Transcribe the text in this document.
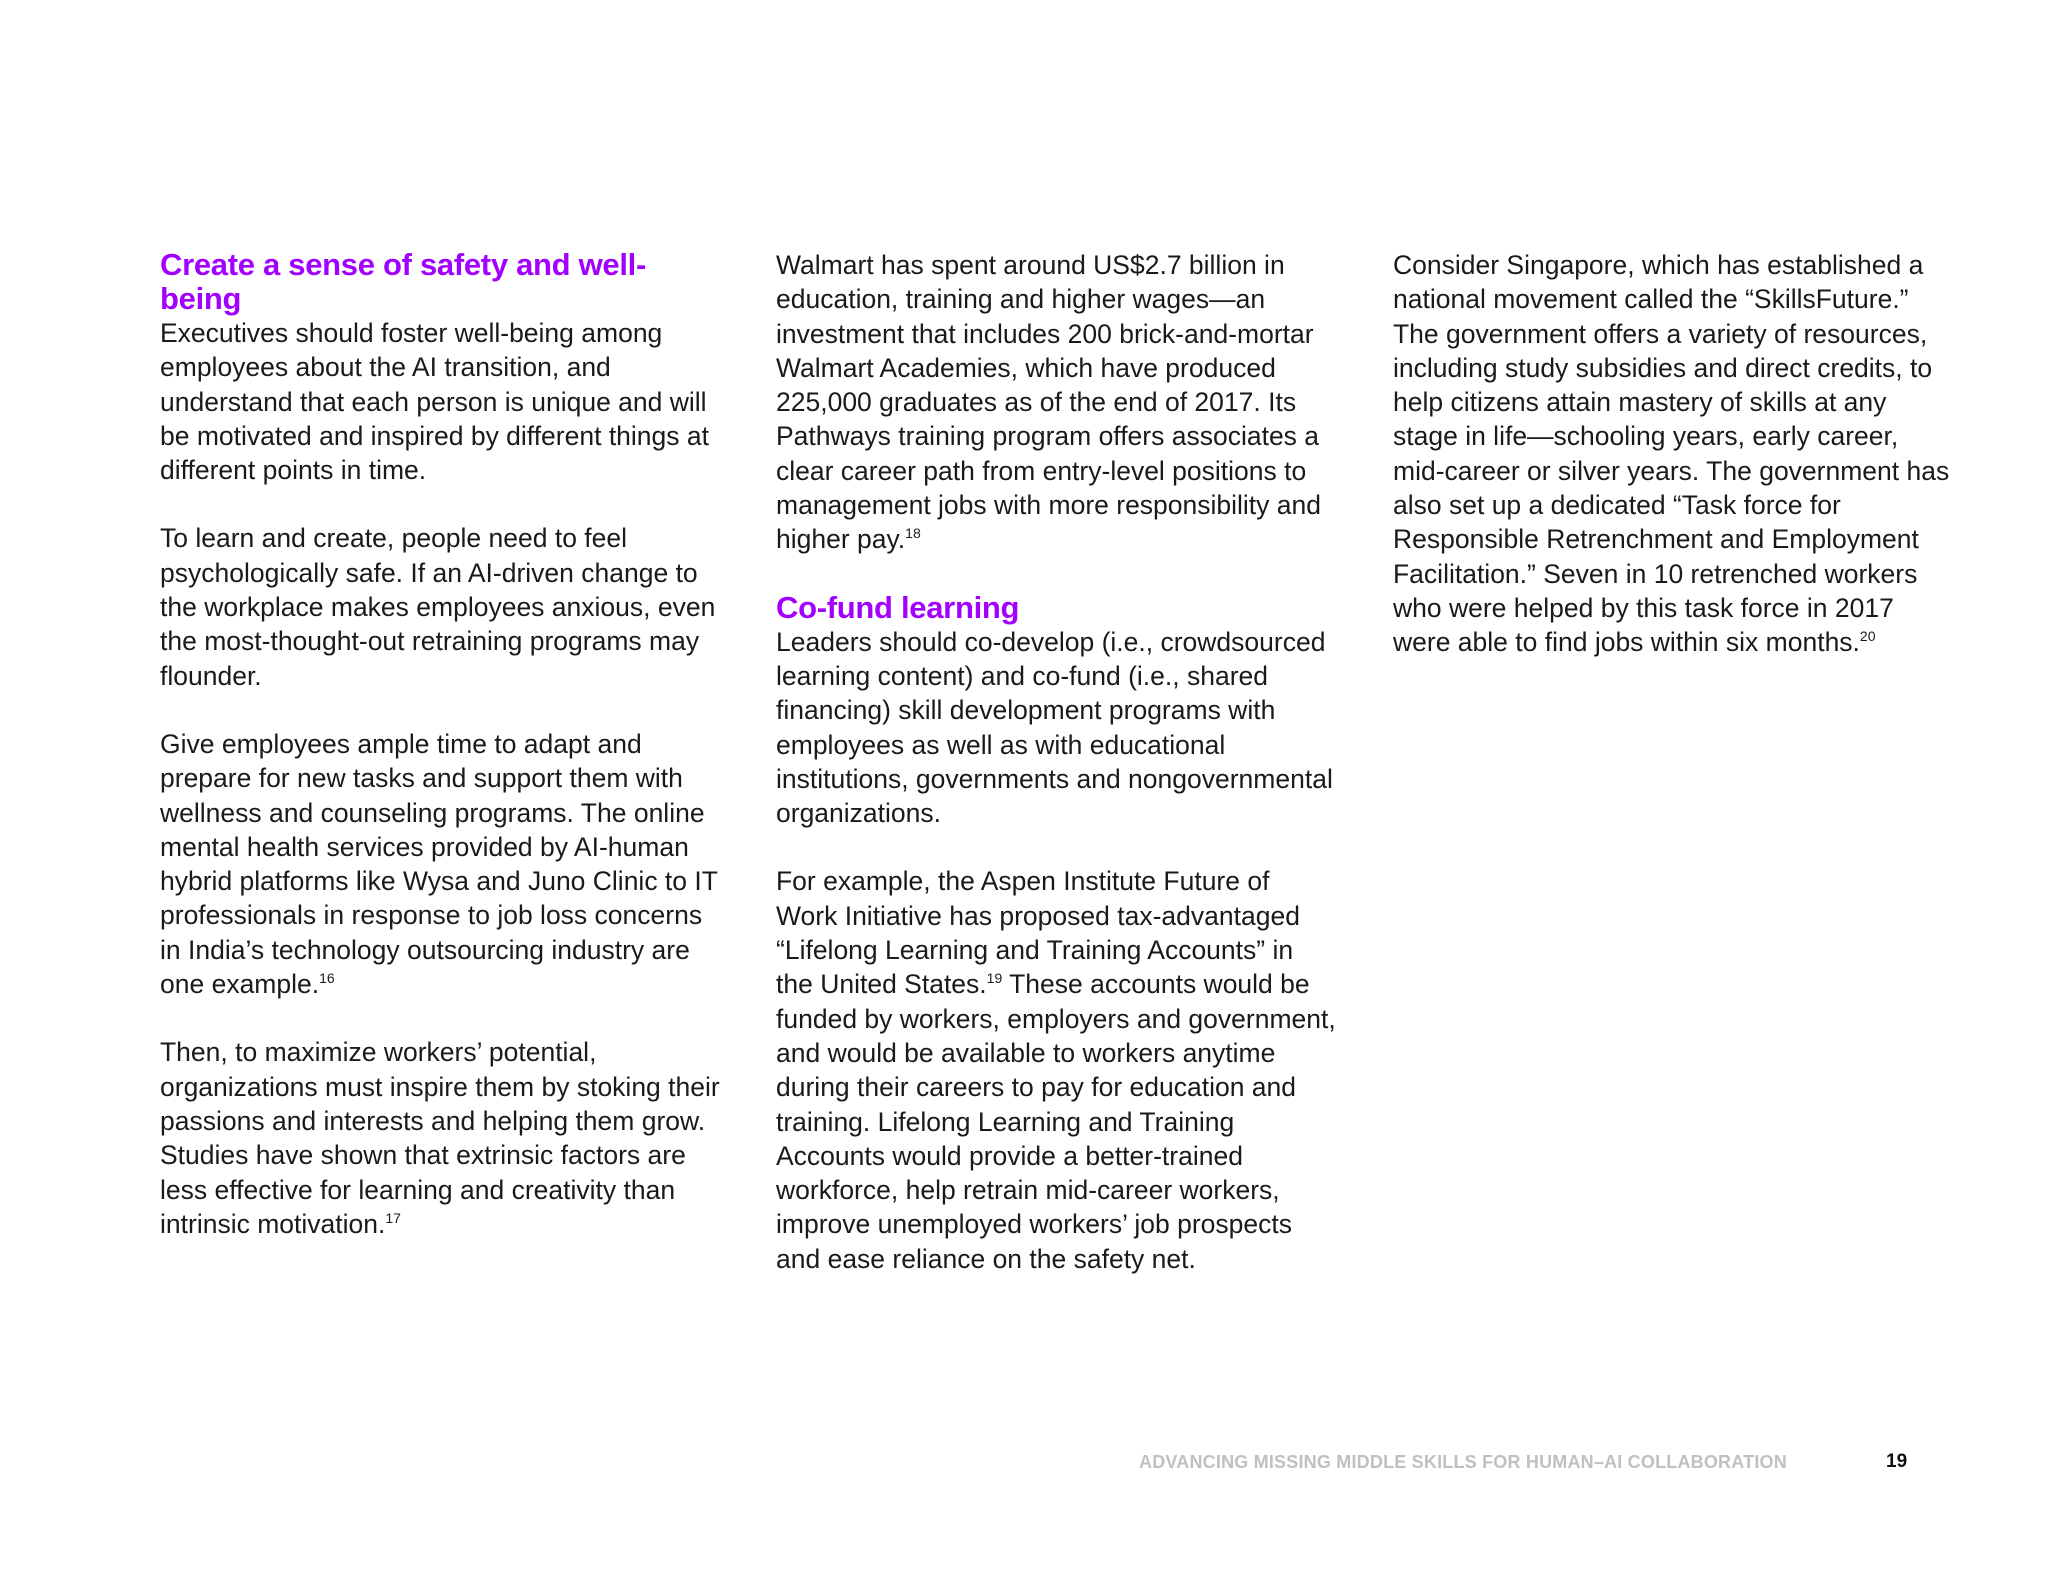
Create a sense of safety and well-being

Executives should foster well-being among employees about the AI transition, and understand that each person is unique and will be motivated and inspired by different things at different points in time.

To learn and create, people need to feel psychologically safe. If an AI-driven change to the workplace makes employees anxious, even the most-thought-out retraining programs may flounder.

Give employees ample time to adapt and prepare for new tasks and support them with wellness and counseling programs. The online mental health services provided by AI-human hybrid platforms like Wysa and Juno Clinic to IT professionals in response to job loss concerns in India’s technology outsourcing industry are one example.$^{16}$

Then, to maximize workers’ potential, organizations must inspire them by stoking their passions and interests and helping them grow. Studies have shown that extrinsic factors are less effective for learning and creativity than intrinsic motivation.$^{17}$

Walmart has spent around US$2.7 billion in education, training and higher wages—an investment that includes 200 brick-and-mortar Walmart Academies, which have produced 225,000 graduates as of the end of 2017. Its Pathways training program offers associates a clear career path from entry-level positions to management jobs with more responsibility and higher pay.$^{18}$

Co-fund learning

Leaders should co-develop (i.e., crowdsourced learning content) and co-fund (i.e., shared financing) skill development programs with employees as well as with educational institutions, governments and nongovernmental organizations.

For example, the Aspen Institute Future of Work Initiative has proposed tax-advantaged “Lifelong Learning and Training Accounts” in the United States.$^{19}$ These accounts would be funded by workers, employers and government, and would be available to workers anytime during their careers to pay for education and training. Lifelong Learning and Training Accounts would provide a better-trained workforce, help retrain mid-career workers, improve unemployed workers’ job prospects and ease reliance on the safety net.

Consider Singapore, which has established a national movement called the “SkillsFuture.” The government offers a variety of resources, including study subsidies and direct credits, to help citizens attain mastery of skills at any stage in life—schooling years, early career, mid-career or silver years. The government has also set up a dedicated “Task force for Responsible Retrenchment and Employment Facilitation.” Seven in 10 retrenched workers who were helped by this task force in 2017 were able to find jobs within six months.$^{20}$

ADVANCING MISSING MIDDLE SKILLS FOR HUMAN–AI COLLABORATION	19
